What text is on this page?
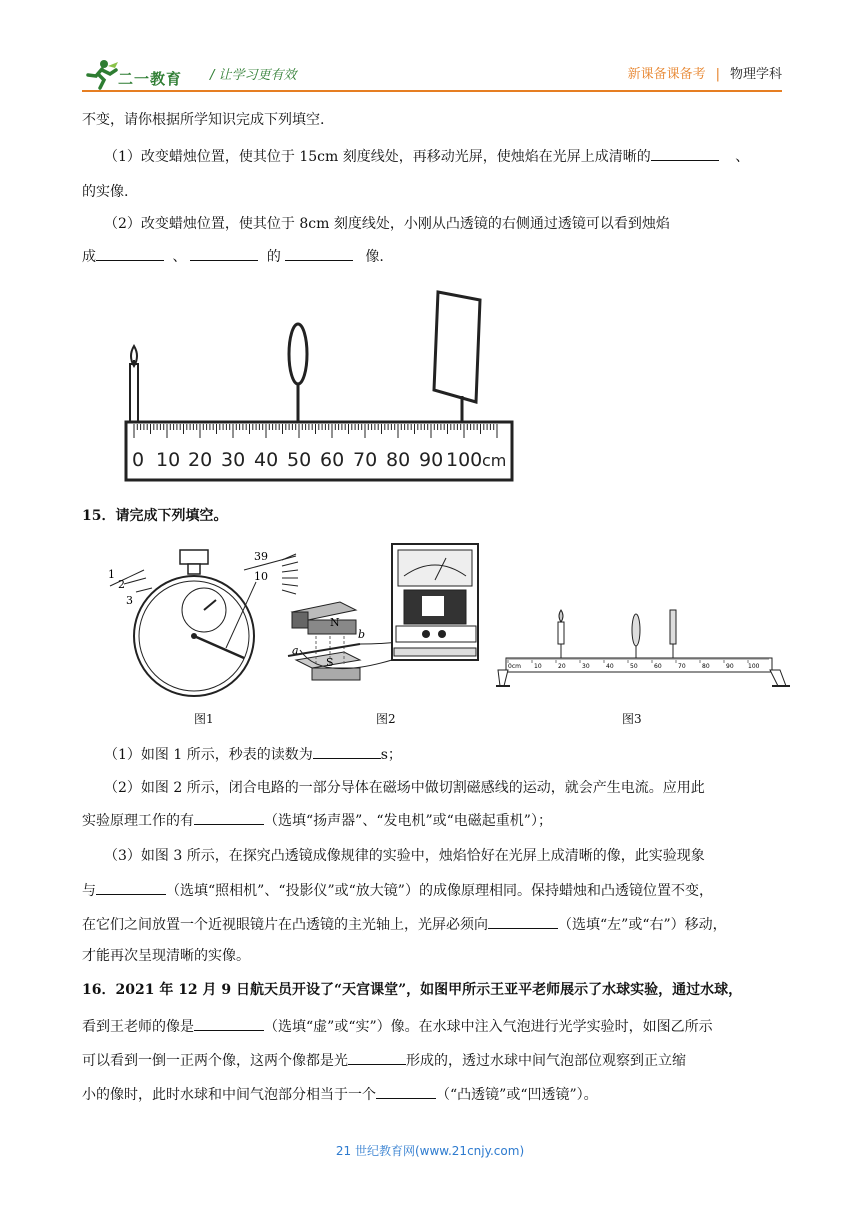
二一教育 / 让学习更有效	新课备课备考 | 物理学科
不变，请你根据所学知识完成下列填空.
（1）改变蜡烛位置，使其位于 15cm 刻度线处，再移动光屏，使烛焰在光屏上成清晰的	、
的实像.
（2）改变蜡烛位置，使其位于 8cm 刻度线处，小刚从凸透镜的右侧通过透镜可以看到烛焰
成	、	的	像.
0 10 20 30 40 50 60 70 80 90 100 cm
15．请完成下列填空。
1
2
3
39
10
图1
N
S
a
b
图2
0cm 10	20	30	40	50	60	70	80	90 100
图3
（1）如图 1 所示，秒表的读数为	s；
（2）如图 2 所示，闭合电路的一部分导体在磁场中做切割磁感线的运动，就会产生电流。应用此
实验原理工作的有	（选填“扬声器”、“发电机”或“电磁起重机”）；
（3）如图 3 所示，在探究凸透镜成像规律的实验中，烛焰恰好在光屏上成清晰的像，此实验现象
与	（选填“照相机”、“投影仪”或“放大镜”）的成像原理相同。保持蜡烛和凸透镜位置不变，
在它们之间放置一个近视眼镜片在凸透镜的主光轴上，光屏必须向	（选填“左”或“右”）移动，
才能再次呈现清晰的实像。
16．2021 年 12 月 9 日航天员开设了“天宫课堂”，如图甲所示王亚平老师展示了水球实验，通过水球，
看到王老师的像是	（选填“虚”或“实”）像。在水球中注入气泡进行光学实验时，如图乙所示
可以看到一倒一正两个像，这两个像都是光	形成的，透过水球中间气泡部位观察到正立缩
小的像时，此时水球和中间气泡部分相当于一个	（“凸透镜”或“凹透镜”）。
21 世纪教育网(www.21cnjy.com)
